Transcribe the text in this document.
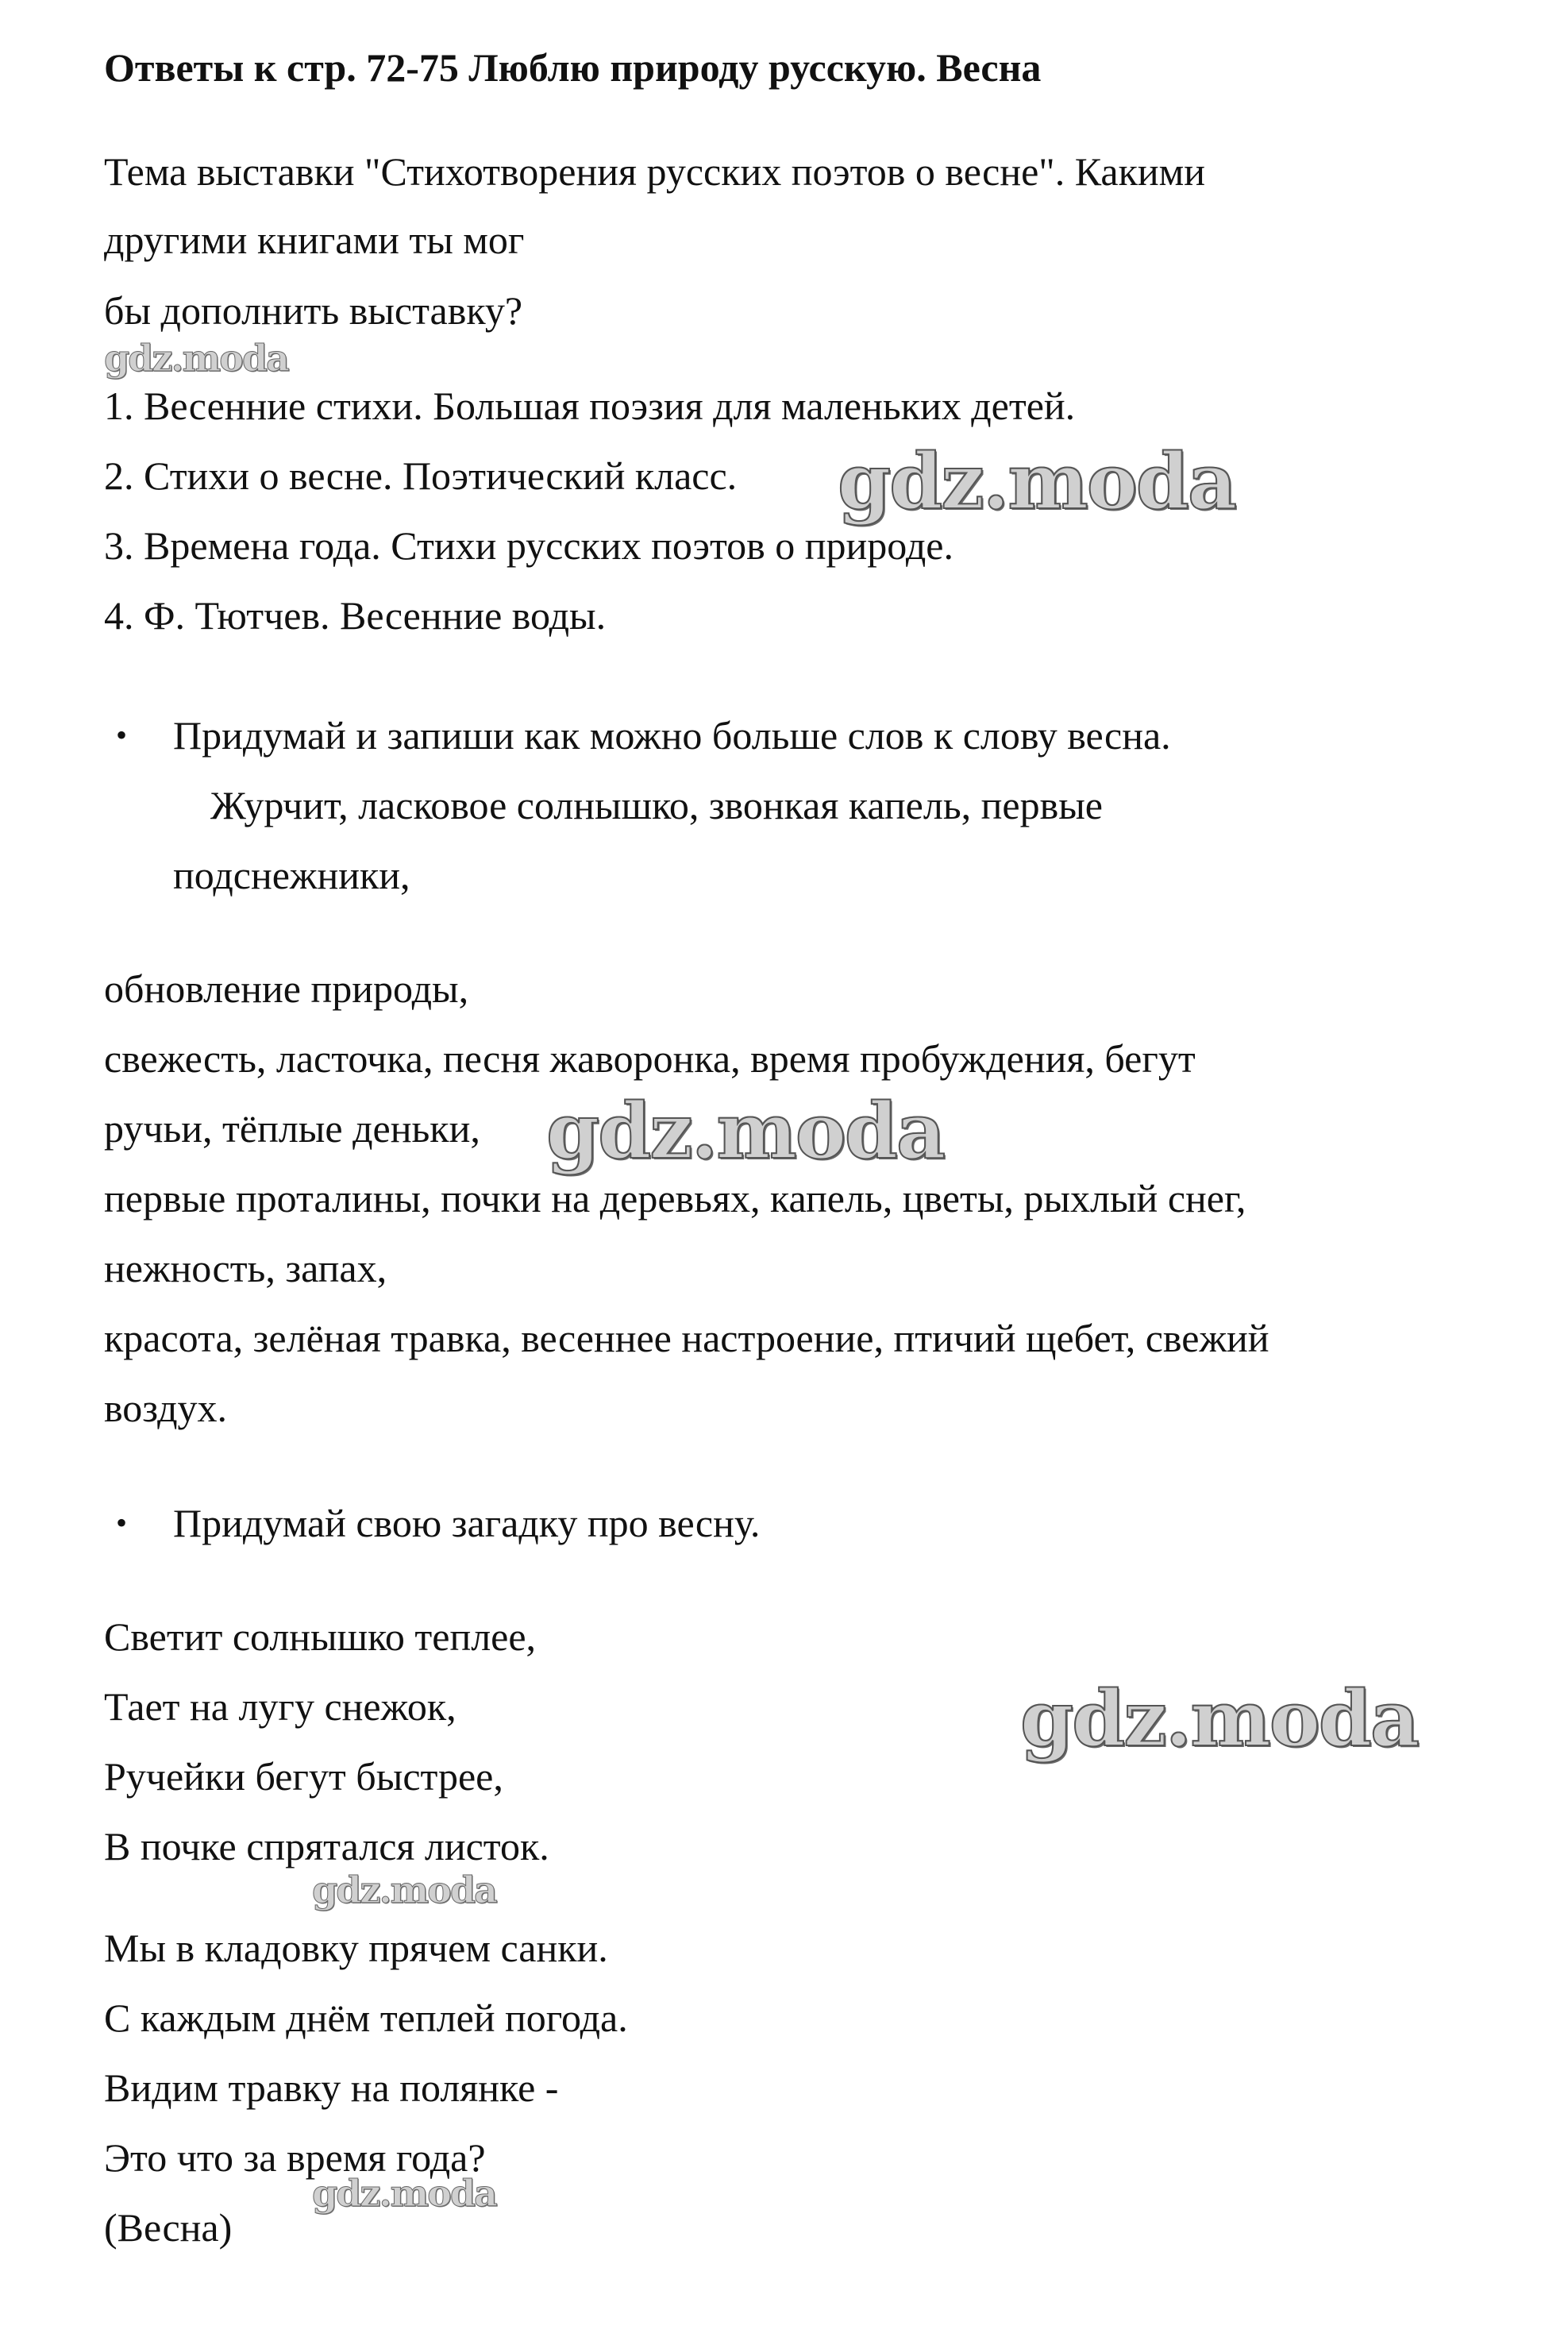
Ответы к стр. 72-75 Люблю природу русскую. Весна
Тема выставки "Стихотворения русских поэтов о весне". Какими
другими книгами ты мог
бы дополнить выставку?
1. Весенние стихи. Большая поэзия для маленьких детей.
2. Стихи о весне. Поэтический класс.
3. Времена года. Стихи русских поэтов о природе.
4. Ф. Тютчев. Весенние воды.
• Придумай и запиши как можно больше слов к слову весна.
Журчит, ласковое солнышко, звонкая капель, первые
подснежники,
обновление природы,
свежесть, ласточка, песня жаворонка, время пробуждения, бегут
ручьи, тёплые деньки,
первые проталины, почки на деревьях, капель, цветы, рыхлый снег,
нежность, запах,
красота, зелёная травка, весеннее настроение, птичий щебет, свежий
воздух.
• Придумай свою загадку про весну.
Светит солнышко теплее,
Тает на лугу снежок,
Ручейки бегут быстрее,
В почке спрятался листок.
Мы в кладовку прячем санки.
С каждым днём теплей погода.
Видим травку на полянке -
Это что за время года?
(Весна)
gdz.moda
gdz.moda
gdz.moda
gdz.moda
gdz.moda
gdz.moda
